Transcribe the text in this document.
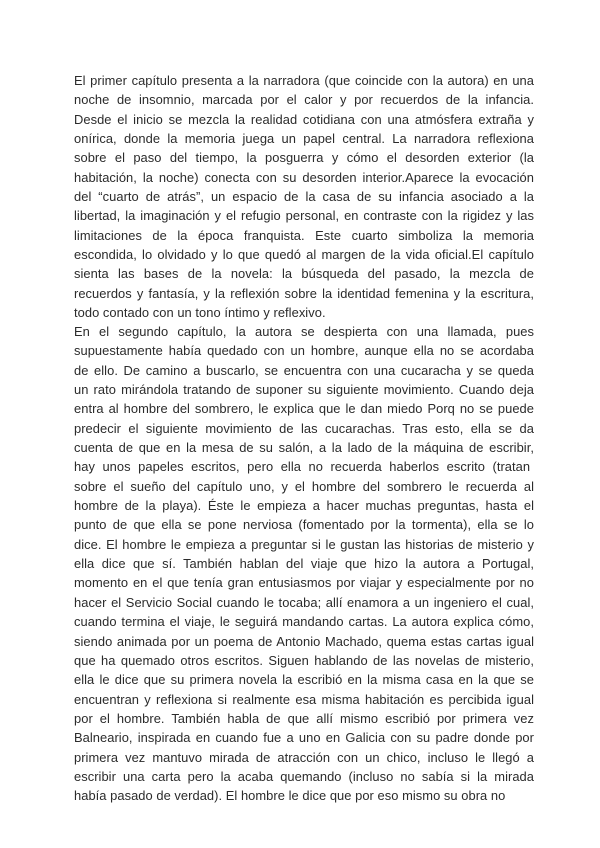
El primer capítulo presenta a la narradora (que coincide con la autora) en una
noche de insomnio, marcada por el calor y por recuerdos de la infancia.
Desde el inicio se mezcla la realidad cotidiana con una atmósfera extraña y
onírica, donde la memoria juega un papel central. La narradora reflexiona
sobre el paso del tiempo, la posguerra y cómo el desorden exterior (la
habitación, la noche) conecta con su desorden interior.Aparece la evocación
del “cuarto de atrás”, un espacio de la casa de su infancia asociado a la
libertad, la imaginación y el refugio personal, en contraste con la rigidez y las
limitaciones de la época franquista. Este cuarto simboliza la memoria
escondida, lo olvidado y lo que quedó al margen de la vida oficial.El capítulo
sienta las bases de la novela: la búsqueda del pasado, la mezcla de
recuerdos y fantasía, y la reflexión sobre la identidad femenina y la escritura,
todo contado con un tono íntimo y reflexivo.

En el segundo capítulo, la autora se despierta con una llamada, pues
supuestamente había quedado con un hombre, aunque ella no se acordaba
de ello. De camino a buscarlo, se encuentra con una cucaracha y se queda
un rato mirándola tratando de suponer su siguiente movimiento. Cuando deja
entra al hombre del sombrero, le explica que le dan miedo Porq no se puede
predecir el siguiente movimiento de las cucarachas. Tras esto, ella se da
cuenta de que en la mesa de su salón, a la lado de la máquina de escribir,
hay unos papeles escritos, pero ella no recuerda haberlos escrito (tratan
sobre el sueño del capítulo uno, y el hombre del sombrero le recuerda al
hombre de la playa). Éste le empieza a hacer muchas preguntas, hasta el
punto de que ella se pone nerviosa (fomentado por la tormenta), ella se lo
dice. El hombre le empieza a preguntar si le gustan las historias de misterio y
ella dice que sí. También hablan del viaje que hizo la autora a Portugal,
momento en el que tenía gran entusiasmos por viajar y especialmente por no
hacer el Servicio Social cuando le tocaba; allí enamora a un ingeniero el cual,
cuando termina el viaje, le seguirá mandando cartas. La autora explica cómo,
siendo animada por un poema de Antonio Machado, quema estas cartas igual
que ha quemado otros escritos. Siguen hablando de las novelas de misterio,
ella le dice que su primera novela la escribió en la misma casa en la que se
encuentran y reflexiona si realmente esa misma habitación es percibida igual
por el hombre. También habla de que allí mismo escribió por primera vez
Balneario, inspirada en cuando fue a uno en Galicia con su padre donde por
primera vez mantuvo mirada de atracción con un chico, incluso le llegó a
escribir una carta pero la acaba quemando (incluso no sabía si la mirada
había pasado de verdad). El hombre le dice que por eso mismo su obra no
